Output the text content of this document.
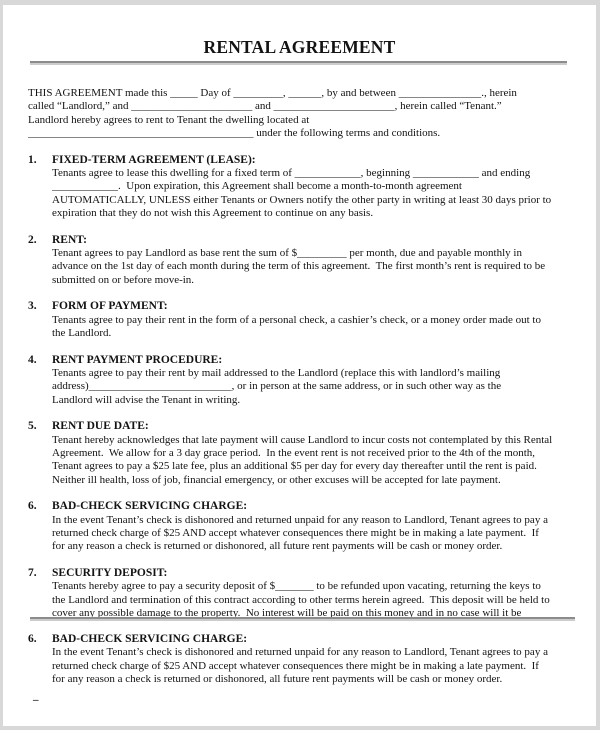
RENTAL AGREEMENT
THIS AGREEMENT made this _____ Day of _________, ______, by and between _______________., herein
called “Landlord,” and ______________________ and ______________________, herein called “Tenant.”
Landlord hereby agrees to rent to Tenant the dwelling located at
_________________________________________ under the following terms and conditions.
1.	FIXED-TERM AGREEMENT (LEASE):
Tenants agree to lease this dwelling for a fixed term of ____________, beginning ____________ and ending
____________.  Upon expiration, this Agreement shall become a month-to-month agreement
AUTOMATICALLY, UNLESS either Tenants or Owners notify the other party in writing at least 30 days prior to
expiration that they do not wish this Agreement to continue on any basis.
2.	RENT:
Tenant agrees to pay Landlord as base rent the sum of $_________ per month, due and payable monthly in
advance on the 1st day of each month during the term of this agreement.  The first month’s rent is required to be
submitted on or before move-in.
3.	FORM OF PAYMENT:
Tenants agree to pay their rent in the form of a personal check, a cashier’s check, or a money order made out to
the Landlord.
4.	RENT PAYMENT PROCEDURE:
Tenants agree to pay their rent by mail addressed to the Landlord (replace this with landlord’s mailing
address)__________________________, or in person at the same address, or in such other way as the
Landlord will advise the Tenant in writing.
5.	RENT DUE DATE:
Tenant hereby acknowledges that late payment will cause Landlord to incur costs not contemplated by this Rental
Agreement.  We allow for a 3 day grace period.  In the event rent is not received prior to the 4th of the month,
Tenant agrees to pay a $25 late fee, plus an additional $5 per day for every day thereafter until the rent is paid.
Neither ill health, loss of job, financial emergency, or other excuses will be accepted for late payment.
6.	BAD-CHECK SERVICING CHARGE:
In the event Tenant’s check is dishonored and returned unpaid for any reason to Landlord, Tenant agrees to pay a
returned check charge of $25 AND accept whatever consequences there might be in making a late payment.  If
for any reason a check is returned or dishonored, all future rent payments will be cash or money order.
7.	SECURITY DEPOSIT:
Tenants hereby agree to pay a security deposit of $_______ to be refunded upon vacating, returning the keys to
the Landlord and termination of this contract according to other terms herein agreed.  This deposit will be held to
cover any possible damage to the property.  No interest will be paid on this money and in no case will it be
6.	BAD-CHECK SERVICING CHARGE:
In the event Tenant’s check is dishonored and returned unpaid for any reason to Landlord, Tenant agrees to pay a
returned check charge of $25 AND accept whatever consequences there might be in making a late payment.  If
for any reason a check is returned or dishonored, all future rent payments will be cash or money order.
–
